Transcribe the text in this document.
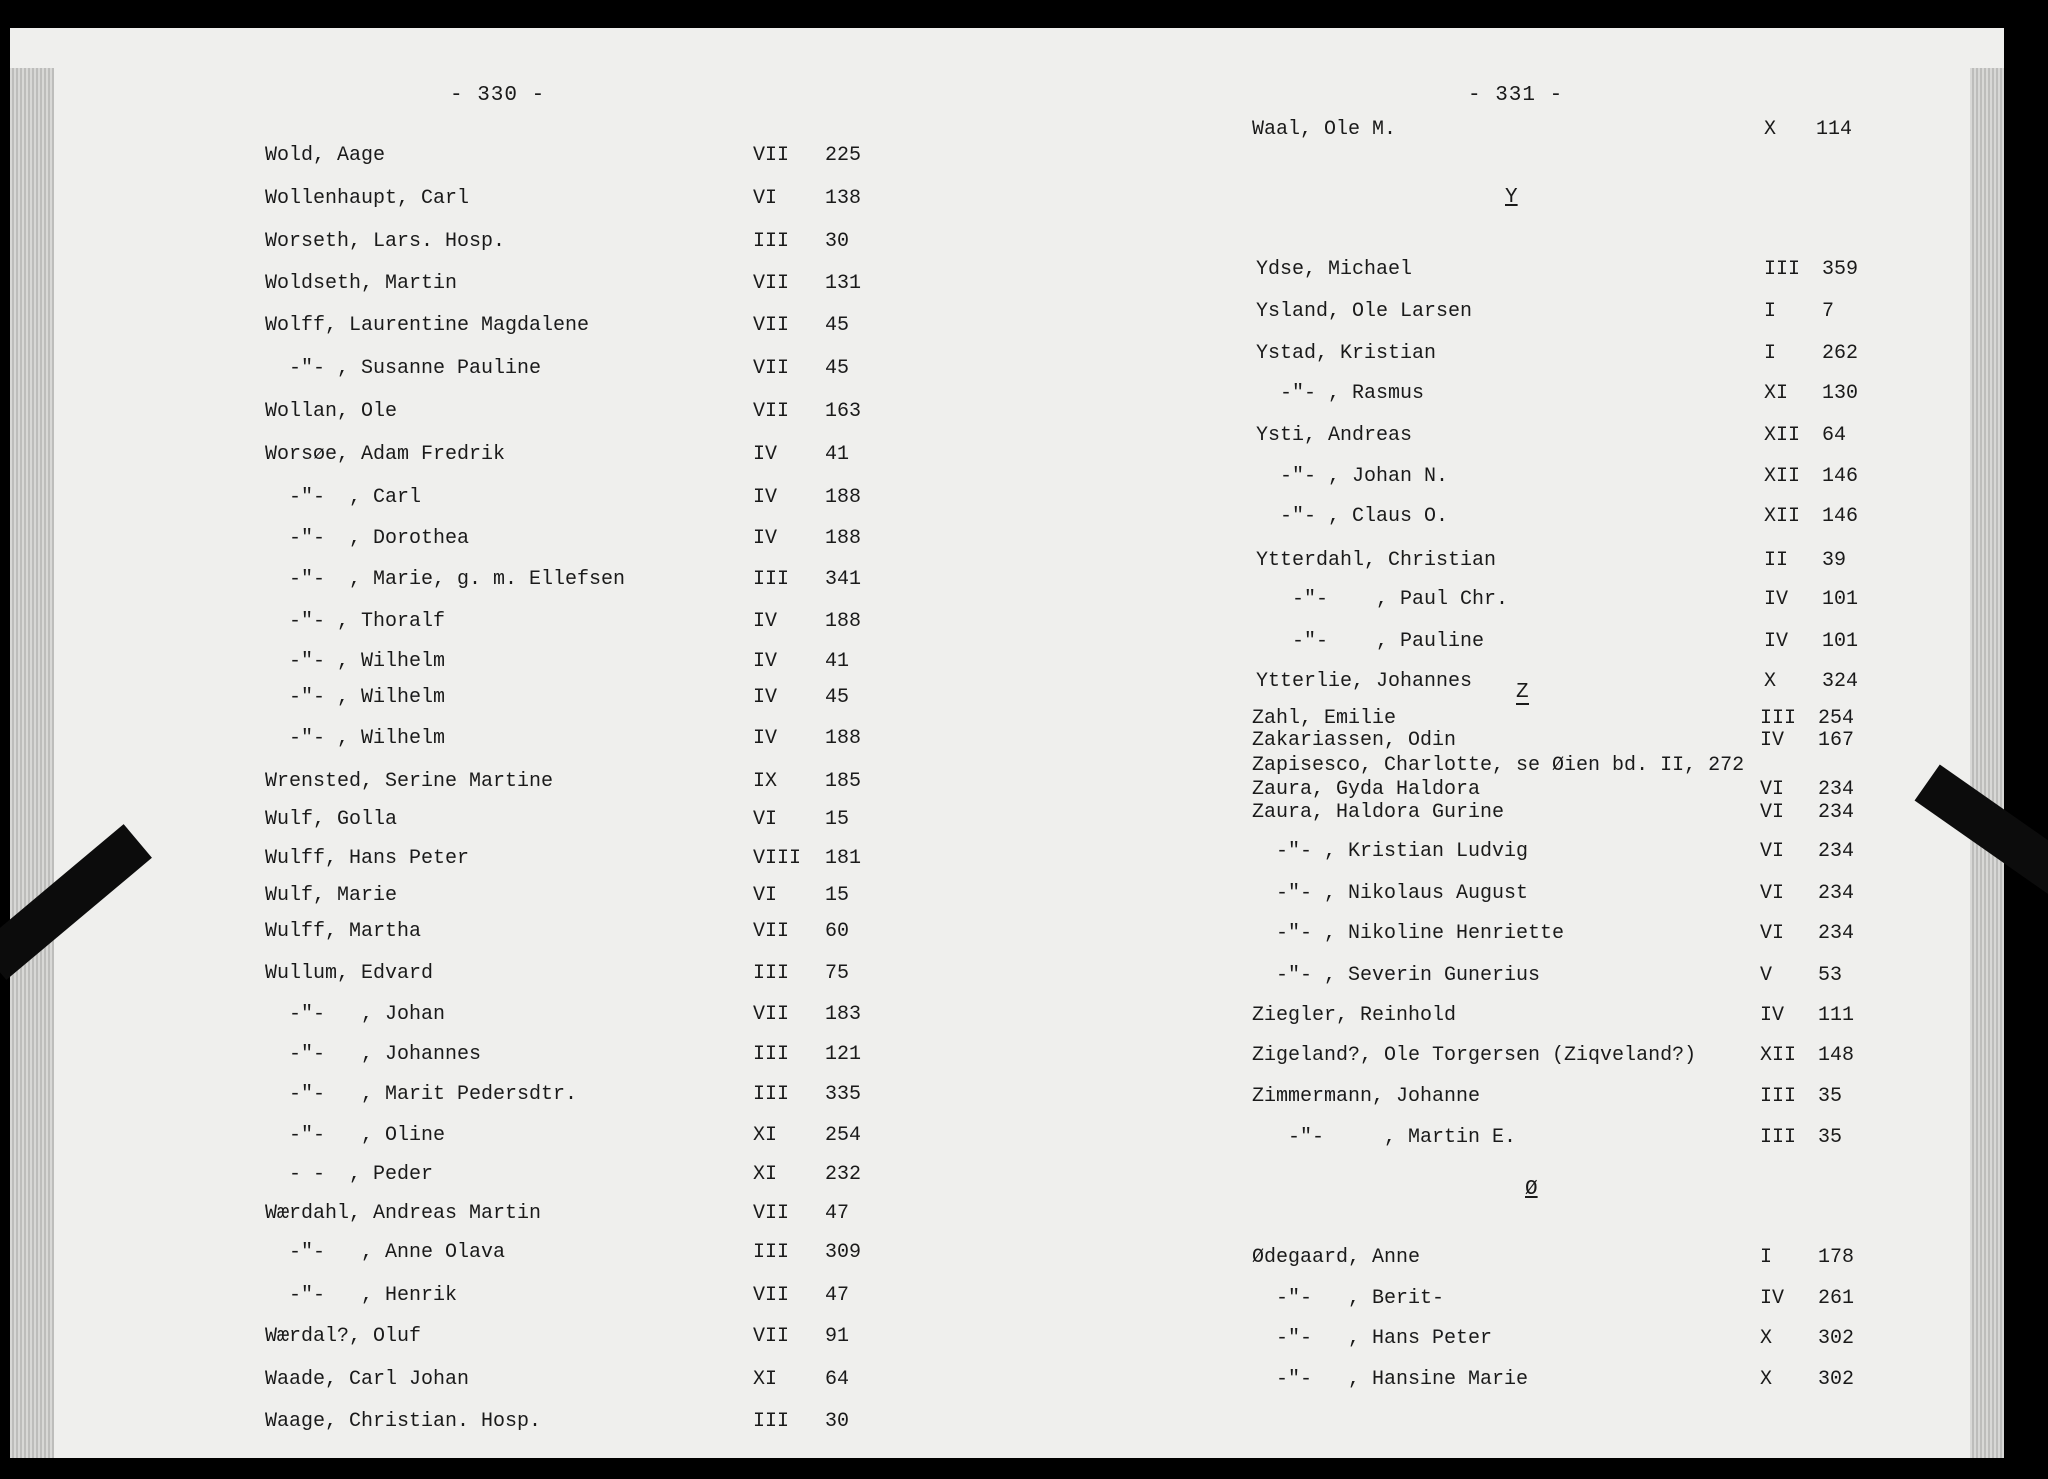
- 330 -
Wold, Aage	VII 225
Wollenhaupt, Carl	VI 138
Worseth, Lars. Hosp.	III 30
Woldseth, Martin	VII 131
Wolff, Laurentine Magdalene	VII 45
-"- , Susanne Pauline	VII 45
Wollan, Ole	VII 163
Worsøe, Adam Fredrik	IV 41
-"-  , Carl	IV 188
-"-  , Dorothea	IV 188
-"-  , Marie, g. m. Ellefsen	III 341
-"- , Thoralf	IV 188
-"- , Wilhelm	IV 41
-"- , Wilhelm	IV 45
-"- , Wilhelm	IV 188
Wrensted, Serine Martine	IX 185
Wulf, Golla	VI 15
Wulff, Hans Peter	VIII 181
Wulf, Marie	VI 15
Wulff, Martha	VII 60
Wullum, Edvard	III 75
-"-   , Johan	VII 183
-"-   , Johannes	III 121
-"-   , Marit Pedersdtr.	III 335
-"-   , Oline	XI 254
- -  , Peder	XI 232
Wærdahl, Andreas Martin	VII 47
-"-   , Anne Olava	III 309
-"-   , Henrik	VII 47
Wærdal?, Oluf	VII 91
Waade, Carl Johan	XI 64
Waage, Christian. Hosp.	III 30
- 331 -
Waal, Ole M.	X 114
Y
Z
Ø
Ydse, Michael	III 359
Ysland, Ole Larsen	I 7
Ystad, Kristian	I 262
-"- , Rasmus	XI 130
Ysti, Andreas	XII 64
-"- , Johan N.	XII 146
-"- , Claus O.	XII 146
Ytterdahl, Christian	II 39
-"-    , Paul Chr.	IV 101
-"-    , Pauline	IV 101
Ytterlie, Johannes	X 324
Zahl, Emilie	III 254
Zakariassen, Odin	IV 167
Zapisesco, Charlotte, se Øien bd. II, 272
Zaura, Gyda Haldora	VI 234
Zaura, Haldora Gurine	VI 234
-"- , Kristian Ludvig	VI 234
-"- , Nikolaus August	VI 234
-"- , Nikoline Henriette	VI 234
-"- , Severin Gunerius	V 53
Ziegler, Reinhold	IV 111
Zigeland?, Ole Torgersen (Ziqveland?)	XII 148
Zimmermann, Johanne	III 35
-"-     , Martin E.	III 35
Ødegaard, Anne	I 178
-"-   , Berit-	IV 261
-"-   , Hans Peter	X 302
-"-   , Hansine Marie	X 302
